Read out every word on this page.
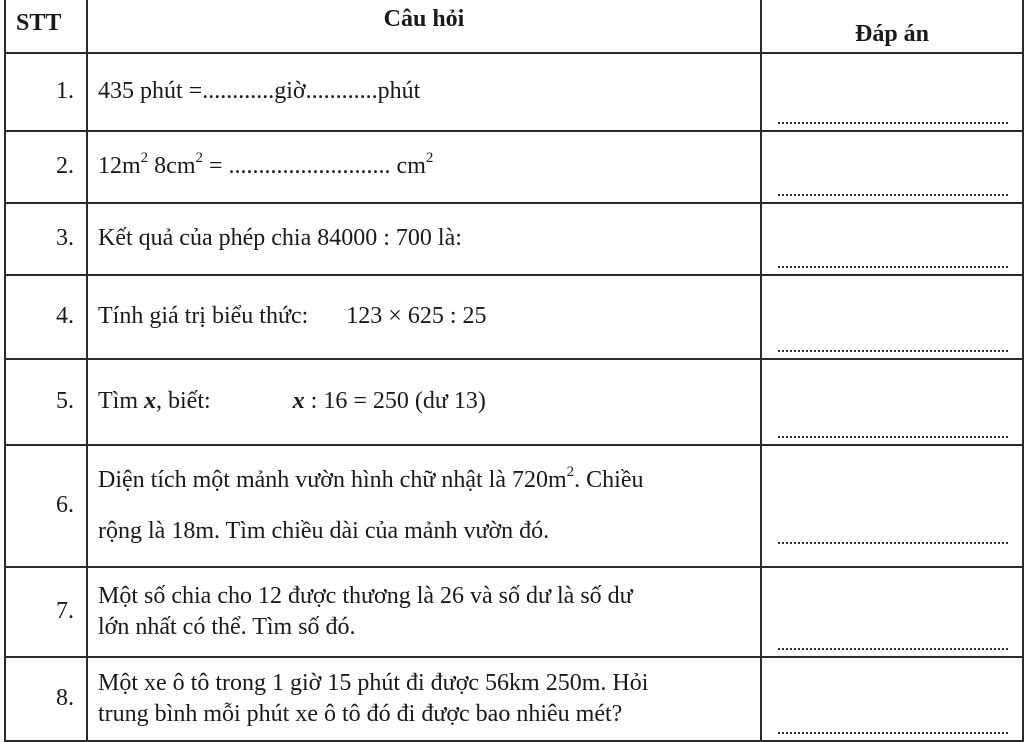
STT	Câu hỏi	Đáp án
1.	435 phút =............giờ............phút	

2.	$12m^2$ $8cm^2$ = ........................... $cm^2$	

3.	Kết quả của phép chia 84000 : 700 là:	

4.	Tính giá trị biểu thức: 123 × 625 : 25	

5.	Tìm x, biết: x : 16 = 250 (dư 13)	

6.	Diện tích một mảnh vườn hình chữ nhật là $720m^2$. Chiều
rộng là 18m. Tìm chiều dài của mảnh vườn đó.	

7.	Một số chia cho 12 được thương là 26 và số dư là số dư
lớn nhất có thể. Tìm số đó.	

8.	Một xe ô tô trong 1 giờ 15 phút đi được 56km 250m. Hỏi
trung bình mỗi phút xe ô tô đó đi được bao nhiêu mét?	
